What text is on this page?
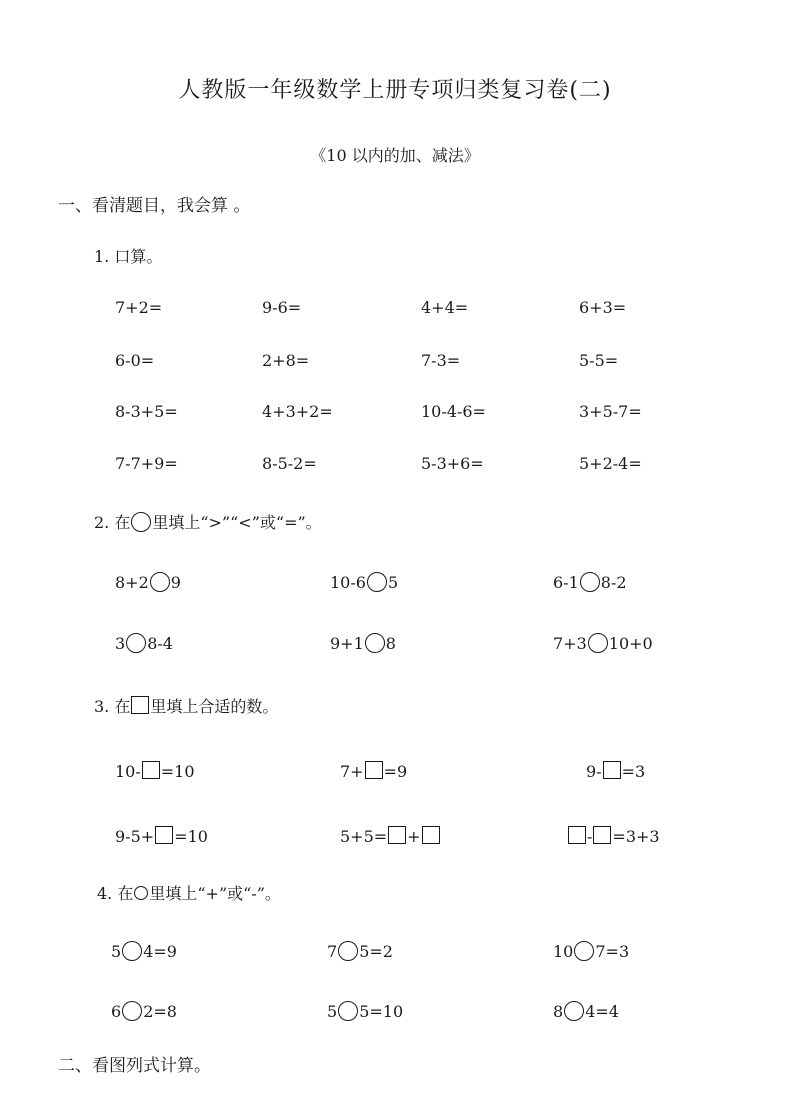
人教版一年级数学上册专项归类复习卷(二)
《10 以内的加、减法》
一、看清题目，我会算 。
1. 口算。
7+2=	9-6=	4+4=	6+3=
6-0=	2+8=	7-3=	5-5=
8-3+5=	4+3+2=	10-4-6=	3+5-7=
7-7+9=	8-5-2=	5-3+6=	5+2-4=
2. 在 里填上“>”“<”或“=”。
8+2 9	10-6 5	6-1 8-2
3 8-4	9+1 8	7+3 10+0
3. 在 里填上合适的数。
10- =10	7+ =9	9- =3
9-5+ =10	5+5= +	- =3+3
4. 在 里填上“+”或“-”。
5 4=9	7 5=2	10 7=3
6 2=8	5 5=10	8 4=4
二、看图列式计算。
